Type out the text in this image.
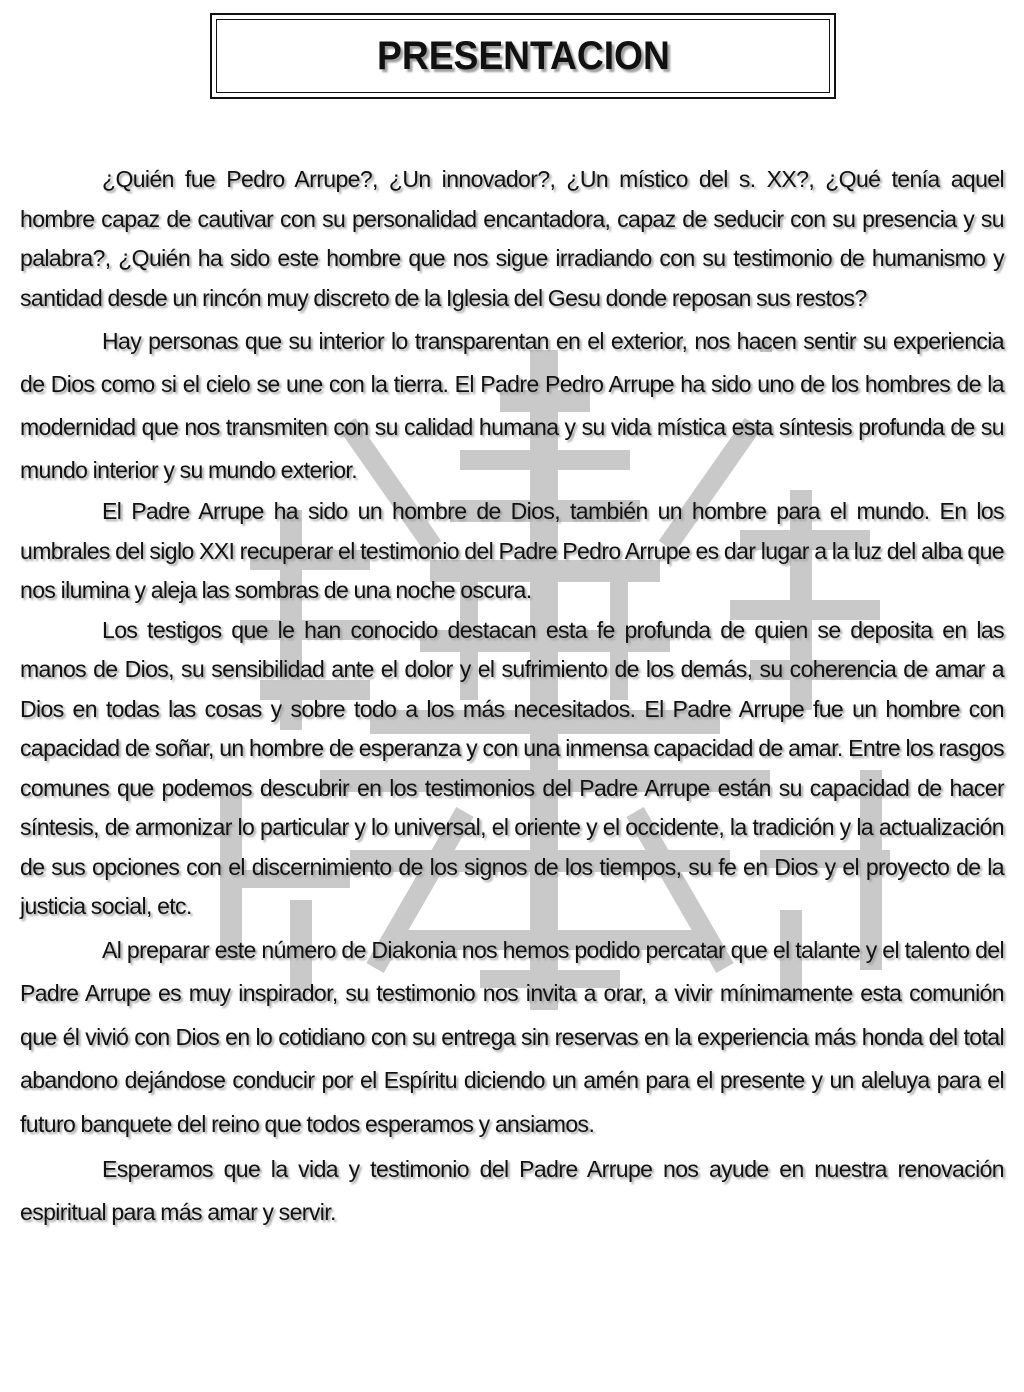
PRESENTACION

¿Quién fue Pedro Arrupe?, ¿Un innovador?, ¿Un místico del s. XX?, ¿Qué tenía aquel hombre capaz de cautivar con su personalidad encantadora, capaz de seducir con su presencia y su palabra?, ¿Quién ha sido este hombre que nos sigue irradiando con su testimonio de humanismo y santidad desde un rincón muy discreto de la Iglesia del Gesu donde reposan sus restos?

Hay personas que su interior lo transparentan en el exterior, nos hacen sentir su experiencia de Dios como si el cielo se une con la tierra. El Padre Pedro Arrupe ha sido uno de los hombres de la modernidad que nos transmiten con su calidad humana y su vida mística esta síntesis profunda de su mundo interior y su mundo exterior.

El Padre Arrupe ha sido un hombre de Dios, también un hombre para el mundo. En los umbrales del siglo XXI recuperar el testimonio del Padre Pedro Arrupe es dar lugar a la luz del alba que nos ilumina y aleja las sombras de una noche oscura.

Los testigos que le han conocido destacan esta fe profunda de quien se deposita en las manos de Dios, su sensibilidad ante el dolor y el sufrimiento de los demás, su coherencia de amar a Dios en todas las cosas y sobre todo a los más necesitados. El Padre Arrupe fue un hombre con capacidad de soñar, un hombre de esperanza y con una inmensa capacidad de amar. Entre los rasgos comunes que podemos descubrir en los testimonios del Padre Arrupe están su capacidad de hacer síntesis, de armonizar lo particular y lo universal, el oriente y el occidente, la tradición y la actualización de sus opciones con el discernimiento de los signos de los tiempos, su fe en Dios y el proyecto de la justicia social, etc.

Al preparar este número de Diakonia nos hemos podido percatar que el talante y el talento del Padre Arrupe es muy inspirador, su testimonio nos invita a orar, a vivir mínimamente esta comunión que él vivió con Dios en lo cotidiano con su entrega sin reservas en la experiencia más honda del total abandono dejándose conducir por el Espíritu diciendo un amén para el presente y un aleluya para el futuro banquete del reino que todos esperamos y ansiamos.

Esperamos que la vida y testimonio del Padre Arrupe nos ayude en nuestra renovación espiritual para más amar y servir.
